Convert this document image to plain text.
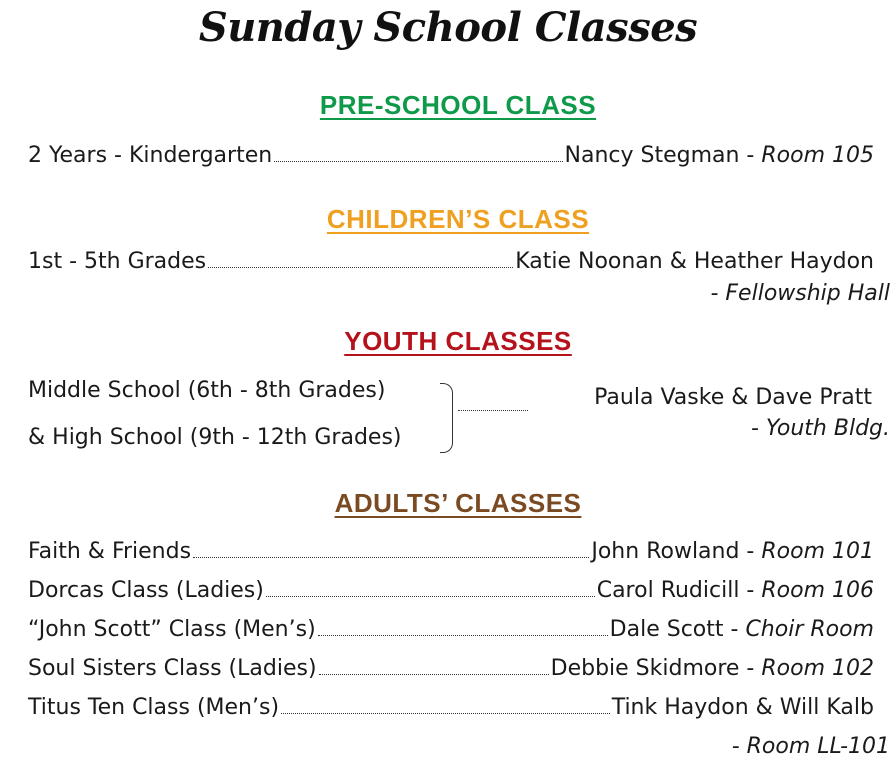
Sunday School Classes
PRE-SCHOOL CLASS
2 Years - Kindergarten	Nancy Stegman - Room 105
CHILDREN’S CLASS
1st - 5th Grades	Katie Noonan & Heather Haydon
- Fellowship Hall
YOUTH CLASSES
Middle School (6th - 8th Grades)
& High School (9th - 12th Grades)
Paula Vaske & Dave Pratt
- Youth Bldg.
ADULTS’ CLASSES
Faith & Friends	John Rowland - Room 101
Dorcas Class (Ladies)	Carol Rudicill - Room 106
“John Scott” Class (Men’s)	Dale Scott - Choir Room
Soul Sisters Class (Ladies)	Debbie Skidmore - Room 102
Titus Ten Class (Men’s)	Tink Haydon & Will Kalb
- Room LL-101
